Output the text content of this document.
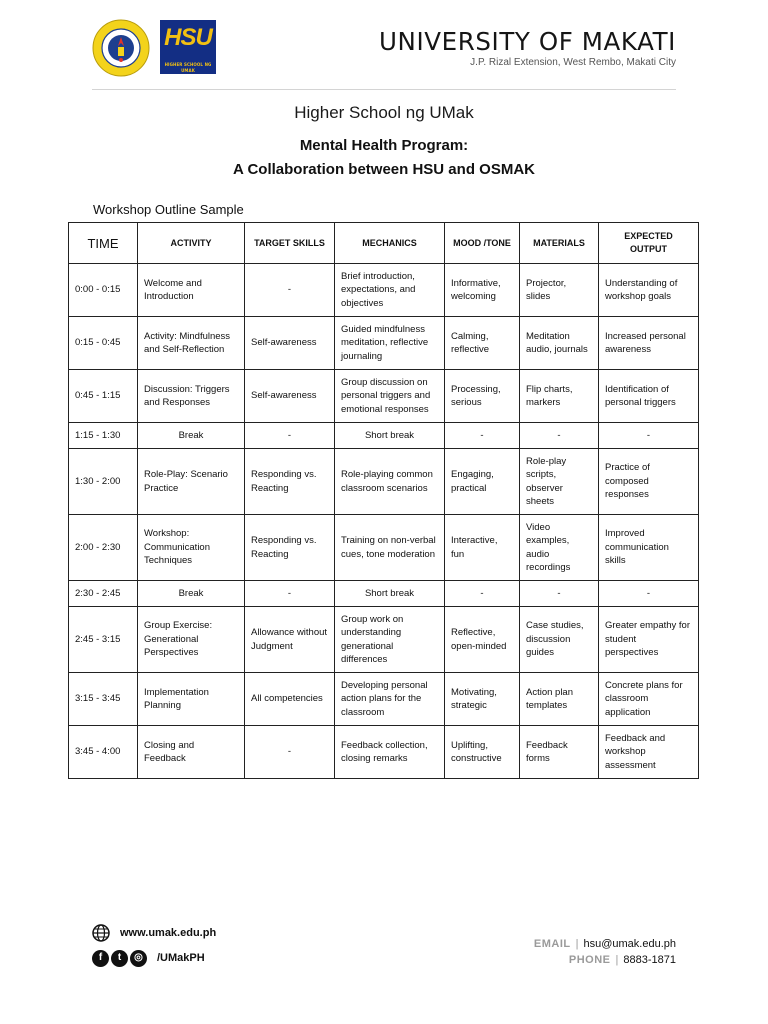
HSU
HIGHER SCHOOL NG UMAK
UNIVERSITY OF MAKATI
J.P. Rizal Extension, West Rembo, Makati City
Higher School ng UMak
Mental Health Program:
A Collaboration between HSU and OSMAK
Workshop Outline Sample
TIME	ACTIVITY	TARGET SKILLS	MECHANICS	MOOD /TONE	MATERIALS	EXPECTED OUTPUT
0:00 - 0:15	Welcome and Introduction	-	Brief introduction, expectations, and objectives	Informative, welcoming	Projector, slides	Understanding of workshop goals
0:15 - 0:45	Activity: Mindfulness and Self-Reflection	Self-awareness	Guided mindfulness meditation, reflective journaling	Calming, reflective	Meditation audio, journals	Increased personal awareness
0:45 - 1:15	Discussion: Triggers and Responses	Self-awareness	Group discussion on personal triggers and emotional responses	Processing, serious	Flip charts, markers	Identification of personal triggers
1:15 - 1:30	Break	-	Short break	-	-	-
1:30 - 2:00	Role-Play: Scenario Practice	Responding vs. Reacting	Role-playing common classroom scenarios	Engaging, practical	Role-play scripts, observer sheets	Practice of composed responses
2:00 - 2:30	Workshop: Communication Techniques	Responding vs. Reacting	Training on non-verbal cues, tone moderation	Interactive, fun	Video examples, audio recordings	Improved communication skills
2:30 - 2:45	Break	-	Short break	-	-	-
2:45 - 3:15	Group Exercise: Generational Perspectives	Allowance without Judgment	Group work on understanding generational differences	Reflective, open-minded	Case studies, discussion guides	Greater empathy for student perspectives
3:15 - 3:45	Implementation Planning	All competencies	Developing personal action plans for the classroom	Motivating, strategic	Action plan templates	Concrete plans for classroom application
3:45 - 4:00	Closing and Feedback	-	Feedback collection, closing remarks	Uplifting, constructive	Feedback forms	Feedback and workshop assessment
www.umak.edu.ph
f	t	◎	/UMakPH
EMAIL | hsu@umak.edu.ph
PHONE | 8883-1871
